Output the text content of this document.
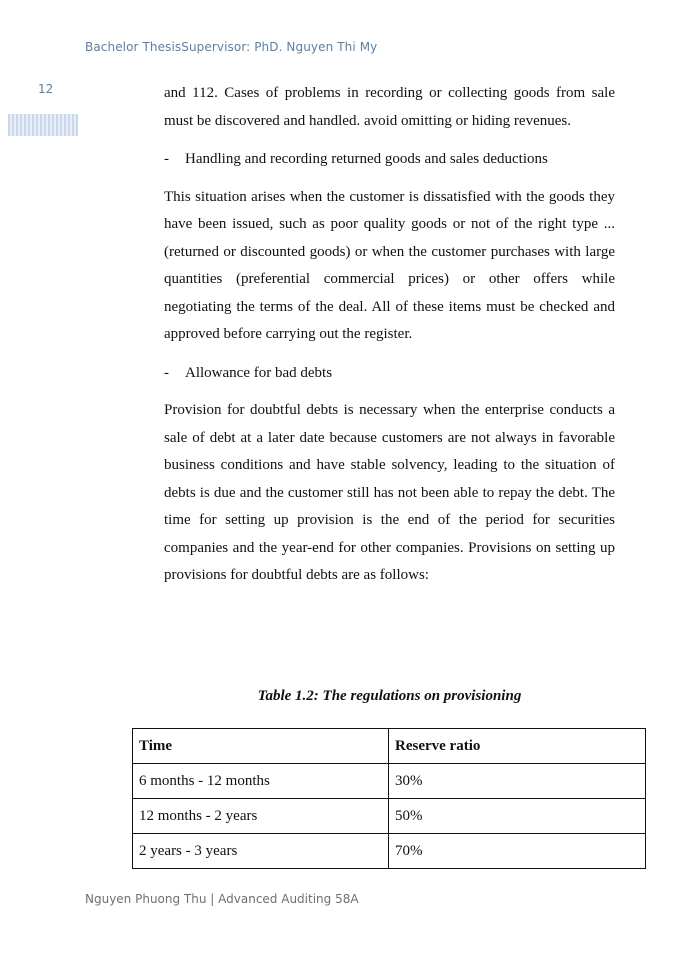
Bachelor ThesisSupervisor: PhD. Nguyen Thi My
12	and 112. Cases of problems in recording or collecting goods from sale must be discovered and handled. avoid omitting or hiding revenues.

-	Handling and recording returned goods and sales deductions

This situation arises when the customer is dissatisfied with the goods they have been issued, such as poor quality goods or not of the right type ... (returned or discounted goods) or when the customer purchases with large quantities (preferential commercial prices) or other offers while negotiating the terms of the deal. All of these items must be checked and approved before carrying out the register.

-	Allowance for bad debts

Provision for doubtful debts is necessary when the enterprise conducts a sale of debt at a later date because customers are not always in favorable business conditions and have stable solvency, leading to the situation of debts is due and the customer still has not been able to repay the debt. The time for setting up provision is the end of the period for securities companies and the year-end for other companies. Provisions on setting up provisions for doubtful debts are as follows:

Table 1.2: The regulations on provisioning
Time	Reserve ratio
6 months - 12 months	30%
12 months - 2 years	50%
2 years - 3 years	70%
Nguyen Phuong Thu | Advanced Auditing 58A
